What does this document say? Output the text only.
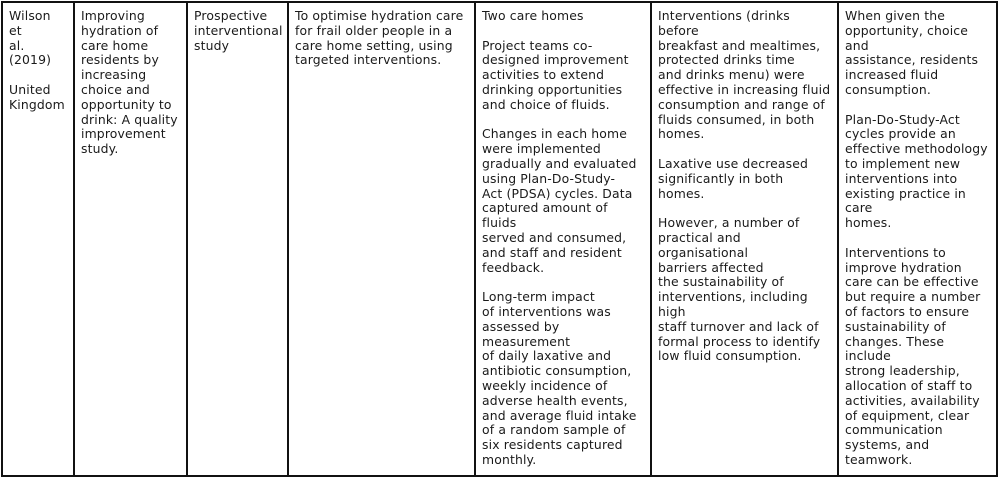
Wilson et
al. (2019)

United
Kingdom

Improving
hydration of
care home
residents by
increasing
choice and
opportunity to
drink: A quality
improvement
study.

Prospective
interventional
study

To optimise hydration care
for frail older people in a
care home setting, using
targeted interventions.

Two care homes

Project teams co-
designed improvement
activities to extend
drinking opportunities
and choice of fluids.

Changes in each home
were implemented
gradually and evaluated
using Plan-Do-Study-
Act (PDSA) cycles. Data
captured amount of fluids
served and consumed,
and staff and resident
feedback.

Long-term impact
of interventions was
assessed by measurement
of daily laxative and
antibiotic consumption,
weekly incidence of
adverse health events,
and average fluid intake
of a random sample of
six residents captured
monthly.

Interventions (drinks before
breakfast and mealtimes,
protected drinks time
and drinks menu) were
effective in increasing fluid
consumption and range of
fluids consumed, in both
homes.

Laxative use decreased
significantly in both homes.

However, a number of
practical and organisational
barriers affected
the sustainability of
interventions, including high
staff turnover and lack of
formal process to identify
low fluid consumption.

When given the
opportunity, choice and
assistance, residents
increased fluid
consumption.

Plan-Do-Study-Act
cycles provide an
effective methodology
to implement new
interventions into
existing practice in care
homes.

Interventions to
improve hydration
care can be effective
but require a number
of factors to ensure
sustainability of
changes. These include
strong leadership,
allocation of staff to
activities, availability
of equipment, clear
communication
systems, and teamwork.
